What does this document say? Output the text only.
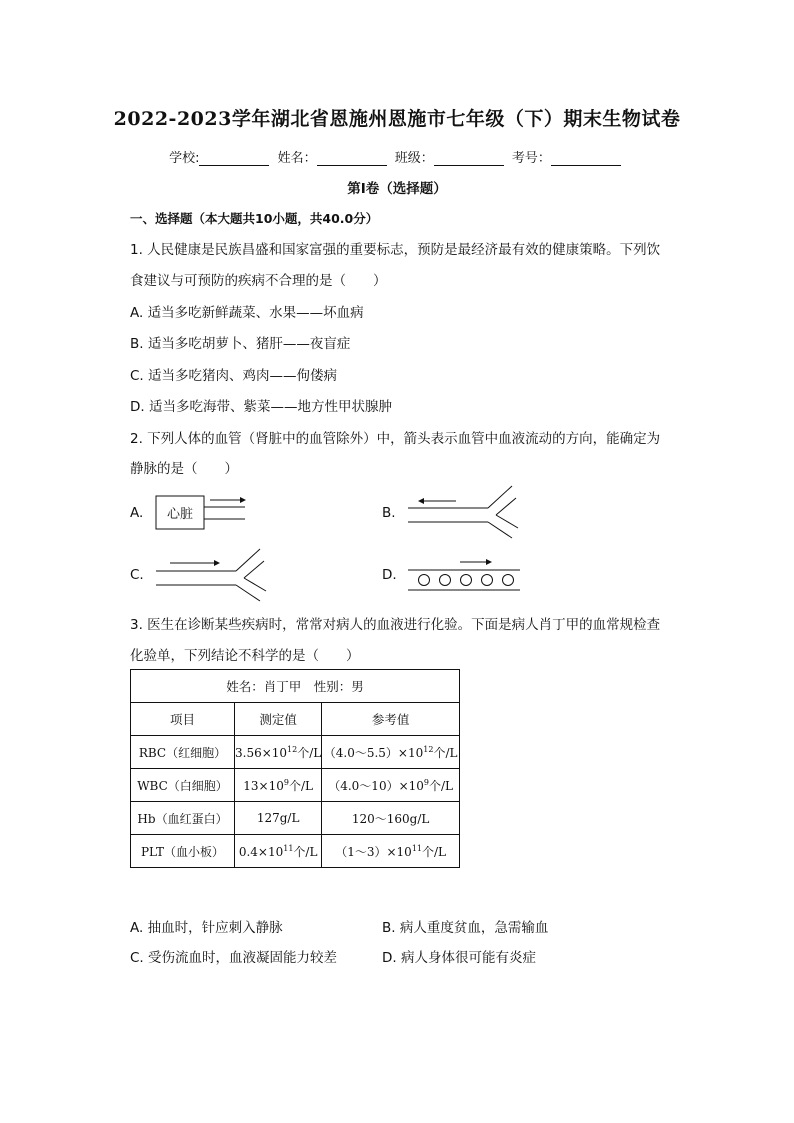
2022-2023学年湖北省恩施州恩施市七年级（下）期末生物试卷
学校:	姓名：	班级：	考号：
第I卷（选择题）
一、选择题（本大题共10小题，共40.0分）
1. 人民健康是民族昌盛和国家富强的重要标志，预防是最经济最有效的健康策略。下列饮
食建议与可预防的疾病不合理的是（　　）
A. 适当多吃新鲜蔬菜、水果——坏血病
B. 适当多吃胡萝卜、猪肝——夜盲症
C. 适当多吃猪肉、鸡肉——佝偻病
D. 适当多吃海带、紫菜——地方性甲状腺肿
2. 下列人体的血管（肾脏中的血管除外）中，箭头表示血管中血液流动的方向，能确定为
静脉的是（　　）
A. 心脏	B.
C.	D.
3. 医生在诊断某些疾病时，常常对病人的血液进行化验。下面是病人肖丁甲的血常规检查
化验单，下列结论不科学的是（　　）
姓名：肖丁甲　性别：男		
项目	测定值	参考值
RBC（红细胞）	$3.56\times 10^{12}$个/L	$(4.0\sim 5.5)\times 10^{12}$个/L
WBC（白细胞）	$13\times 10^9$个/L	$(4.0\sim 10)\times 10^9$个/L
Hb（血红蛋白）	127g/L	120～160g/L
PLT（血小板）	$0.4\times 10^{11}$个/L	$(1\sim 3)\times 10^{11}$个/L
A. 抽血时，针应刺入静脉	B. 病人重度贫血，急需输血
C. 受伤流血时，血液凝固能力较差	D. 病人身体很可能有炎症
